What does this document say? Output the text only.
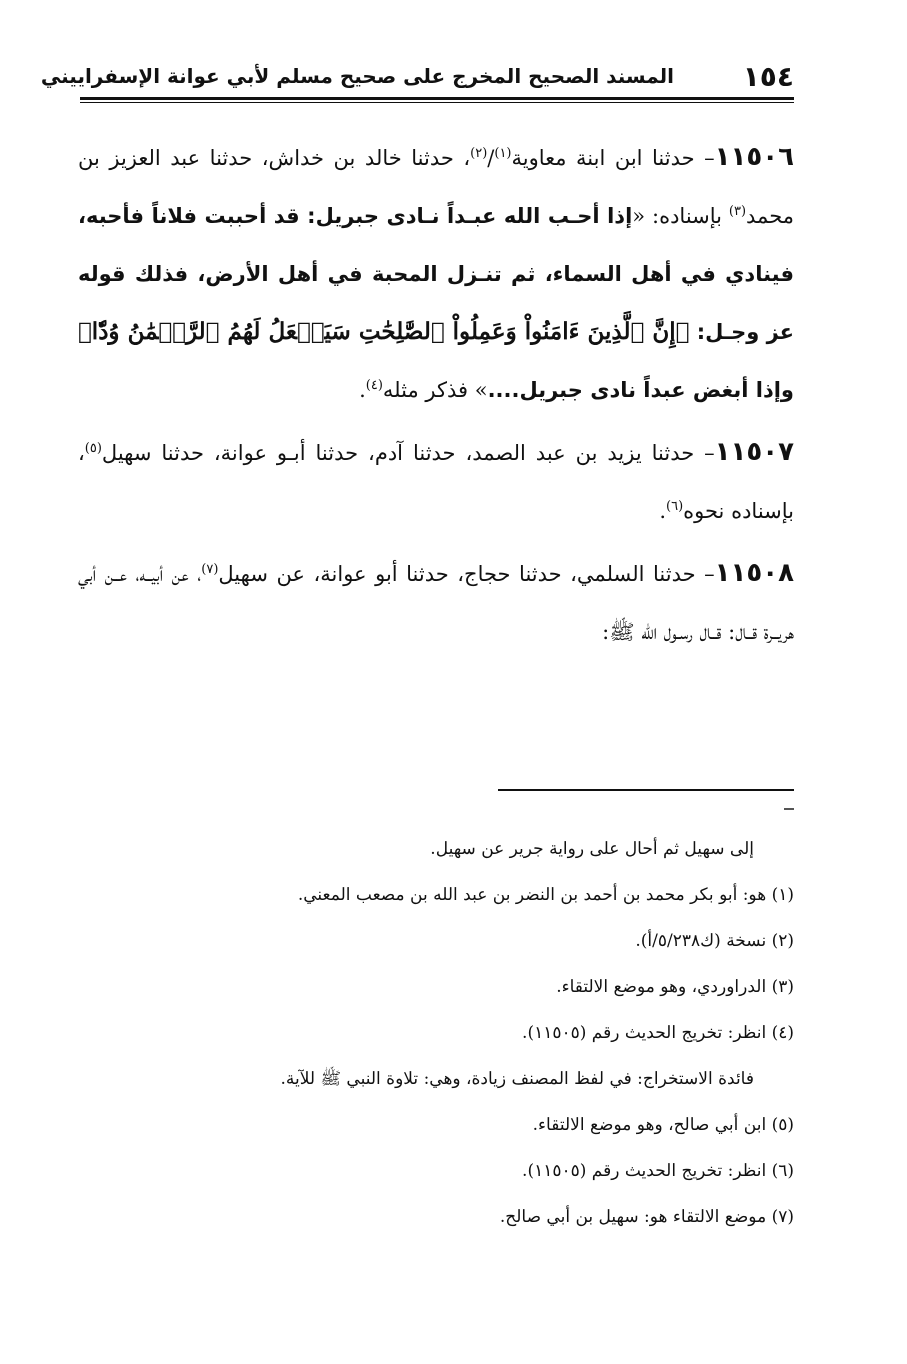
١٥٤
المسند الصحيح المخرج على صحيح مسلم لأبي عوانة الإسفراييني

١١٥٠٦– حدثنا ابن ابنة معاوية$^{(١)}$/$^{(٢)}$، حدثنا خالد بن خداش، حدثنا عبد العزيز بن محمد$^{(٣)}$ بإسناده: «إذا أحـب الله عبـداً نـادى جبريل: قد أحببت فلاناً فأحبه، فينادي في أهل السماء، ثم تنـزل المحبة في أهل الأرض، فذلك قوله عز وجـل: ﴿إِنَّ ٱلَّذِينَ ءَامَنُواْ وَعَمِلُواْ ٱلصَّٰلِحَٰتِ سَيَجۡعَلُ لَهُمُ ٱلرَّحۡمَٰنُ وُدّٗا﴾ وإذا أبغض عبداً نادى جبريل....» فذكر مثله$^{(٤)}$.

١١٥٠٧– حدثنا يزيد بن عبد الصمد، حدثنا آدم، حدثنا أبـو عوانة، حدثنا سهيل$^{(٥)}$، بإسناده نحوه$^{(٦)}$.

١١٥٠٨– حدثنا السلمي، حدثنا حجاج، حدثنا أبو عوانة، عن سهيل$^{(٧)}$، عن أبيــه، عــن أبي هريــرة قــال: قــال رسـول الله ﷺ:

إلى سهيل ثم أحال على رواية جرير عن سهيل.

(١) هو: أبو بكر محمد بن أحمد بن النضر بن عبد الله بن مصعب المعني.

(٢) نسخة (ك٥/٢٣٨/أ).

(٣) الدراوردي، وهو موضع الالتقاء.

(٤) انظر: تخريج الحديث رقم (١١٥٠٥).

فائدة الاستخراج: في لفظ المصنف زيادة، وهي: تلاوة النبي ﷺ للآية.

(٥) ابن أبي صالح، وهو موضع الالتقاء.

(٦) انظر: تخريج الحديث رقم (١١٥٠٥).

(٧) موضع الالتقاء هو: سهيل بن أبي صالح.
